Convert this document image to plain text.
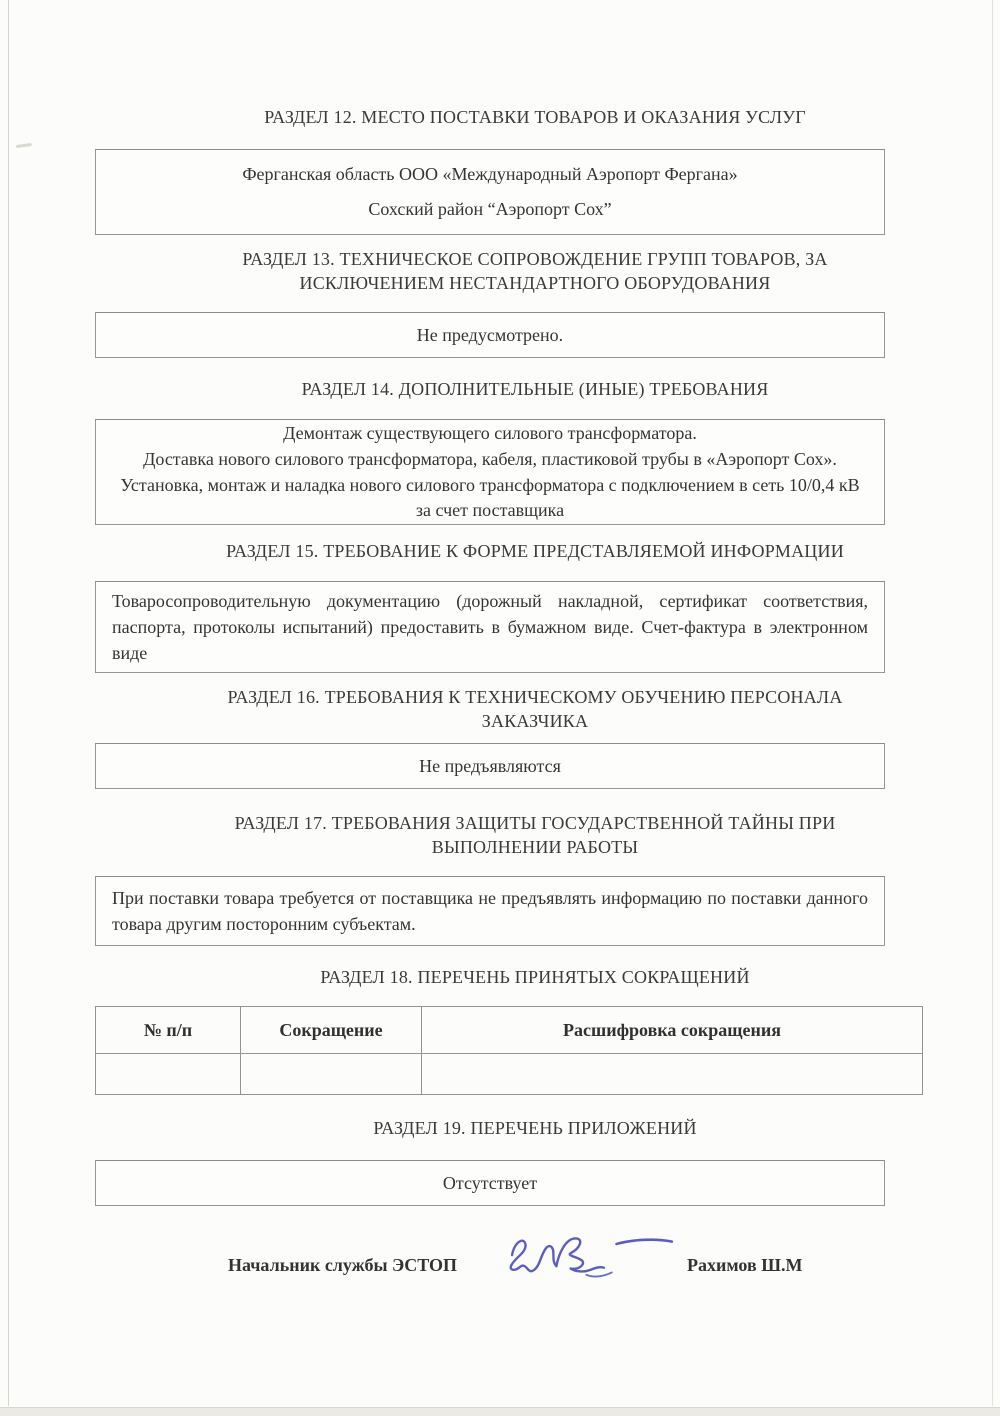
РАЗДЕЛ 12. МЕСТО ПОСТАВКИ ТОВАРОВ И ОКАЗАНИЯ УСЛУГ
Ферганская область ООО «Международный Аэропорт Фергана»
Сохский район “Аэропорт Сох”
РАЗДЕЛ 13. ТЕХНИЧЕСКОЕ СОПРОВОЖДЕНИЕ ГРУПП ТОВАРОВ, ЗА ИСКЛЮЧЕНИЕМ НЕСТАНДАРТНОГО ОБОРУДОВАНИЯ
Не предусмотрено.
РАЗДЕЛ 14. ДОПОЛНИТЕЛЬНЫЕ (ИНЫЕ) ТРЕБОВАНИЯ
Демонтаж существующего силового трансформатора.
Доставка нового силового трансформатора, кабеля, пластиковой трубы в «Аэропорт Сох».
Установка, монтаж и наладка нового силового трансформатора с подключением в сеть 10/0,4 кВ за счет поставщика
РАЗДЕЛ 15. ТРЕБОВАНИЕ К ФОРМЕ ПРЕДСТАВЛЯЕМОЙ ИНФОРМАЦИИ
Товаросопроводительную документацию (дорожный накладной, сертификат соответствия, паспорта, протоколы испытаний) предоставить в бумажном виде. Счет-фактура в электронном виде
РАЗДЕЛ 16. ТРЕБОВАНИЯ К ТЕХНИЧЕСКОМУ ОБУЧЕНИЮ ПЕРСОНАЛА ЗАКАЗЧИКА
Не предъявляются
РАЗДЕЛ 17. ТРЕБОВАНИЯ ЗАЩИТЫ ГОСУДАРСТВЕННОЙ ТАЙНЫ ПРИ ВЫПОЛНЕНИИ РАБОТЫ
При поставки товара требуется от поставщика не предъявлять информацию по поставки данного товара другим посторонним субъектам.
РАЗДЕЛ 18. ПЕРЕЧЕНЬ ПРИНЯТЫХ СОКРАЩЕНИЙ
№ п/п	Сокращение	Расшифровка сокращения

РАЗДЕЛ 19. ПЕРЕЧЕНЬ ПРИЛОЖЕНИЙ
Отсутствует
Начальник службы ЭСТОП	Рахимов Ш.М
